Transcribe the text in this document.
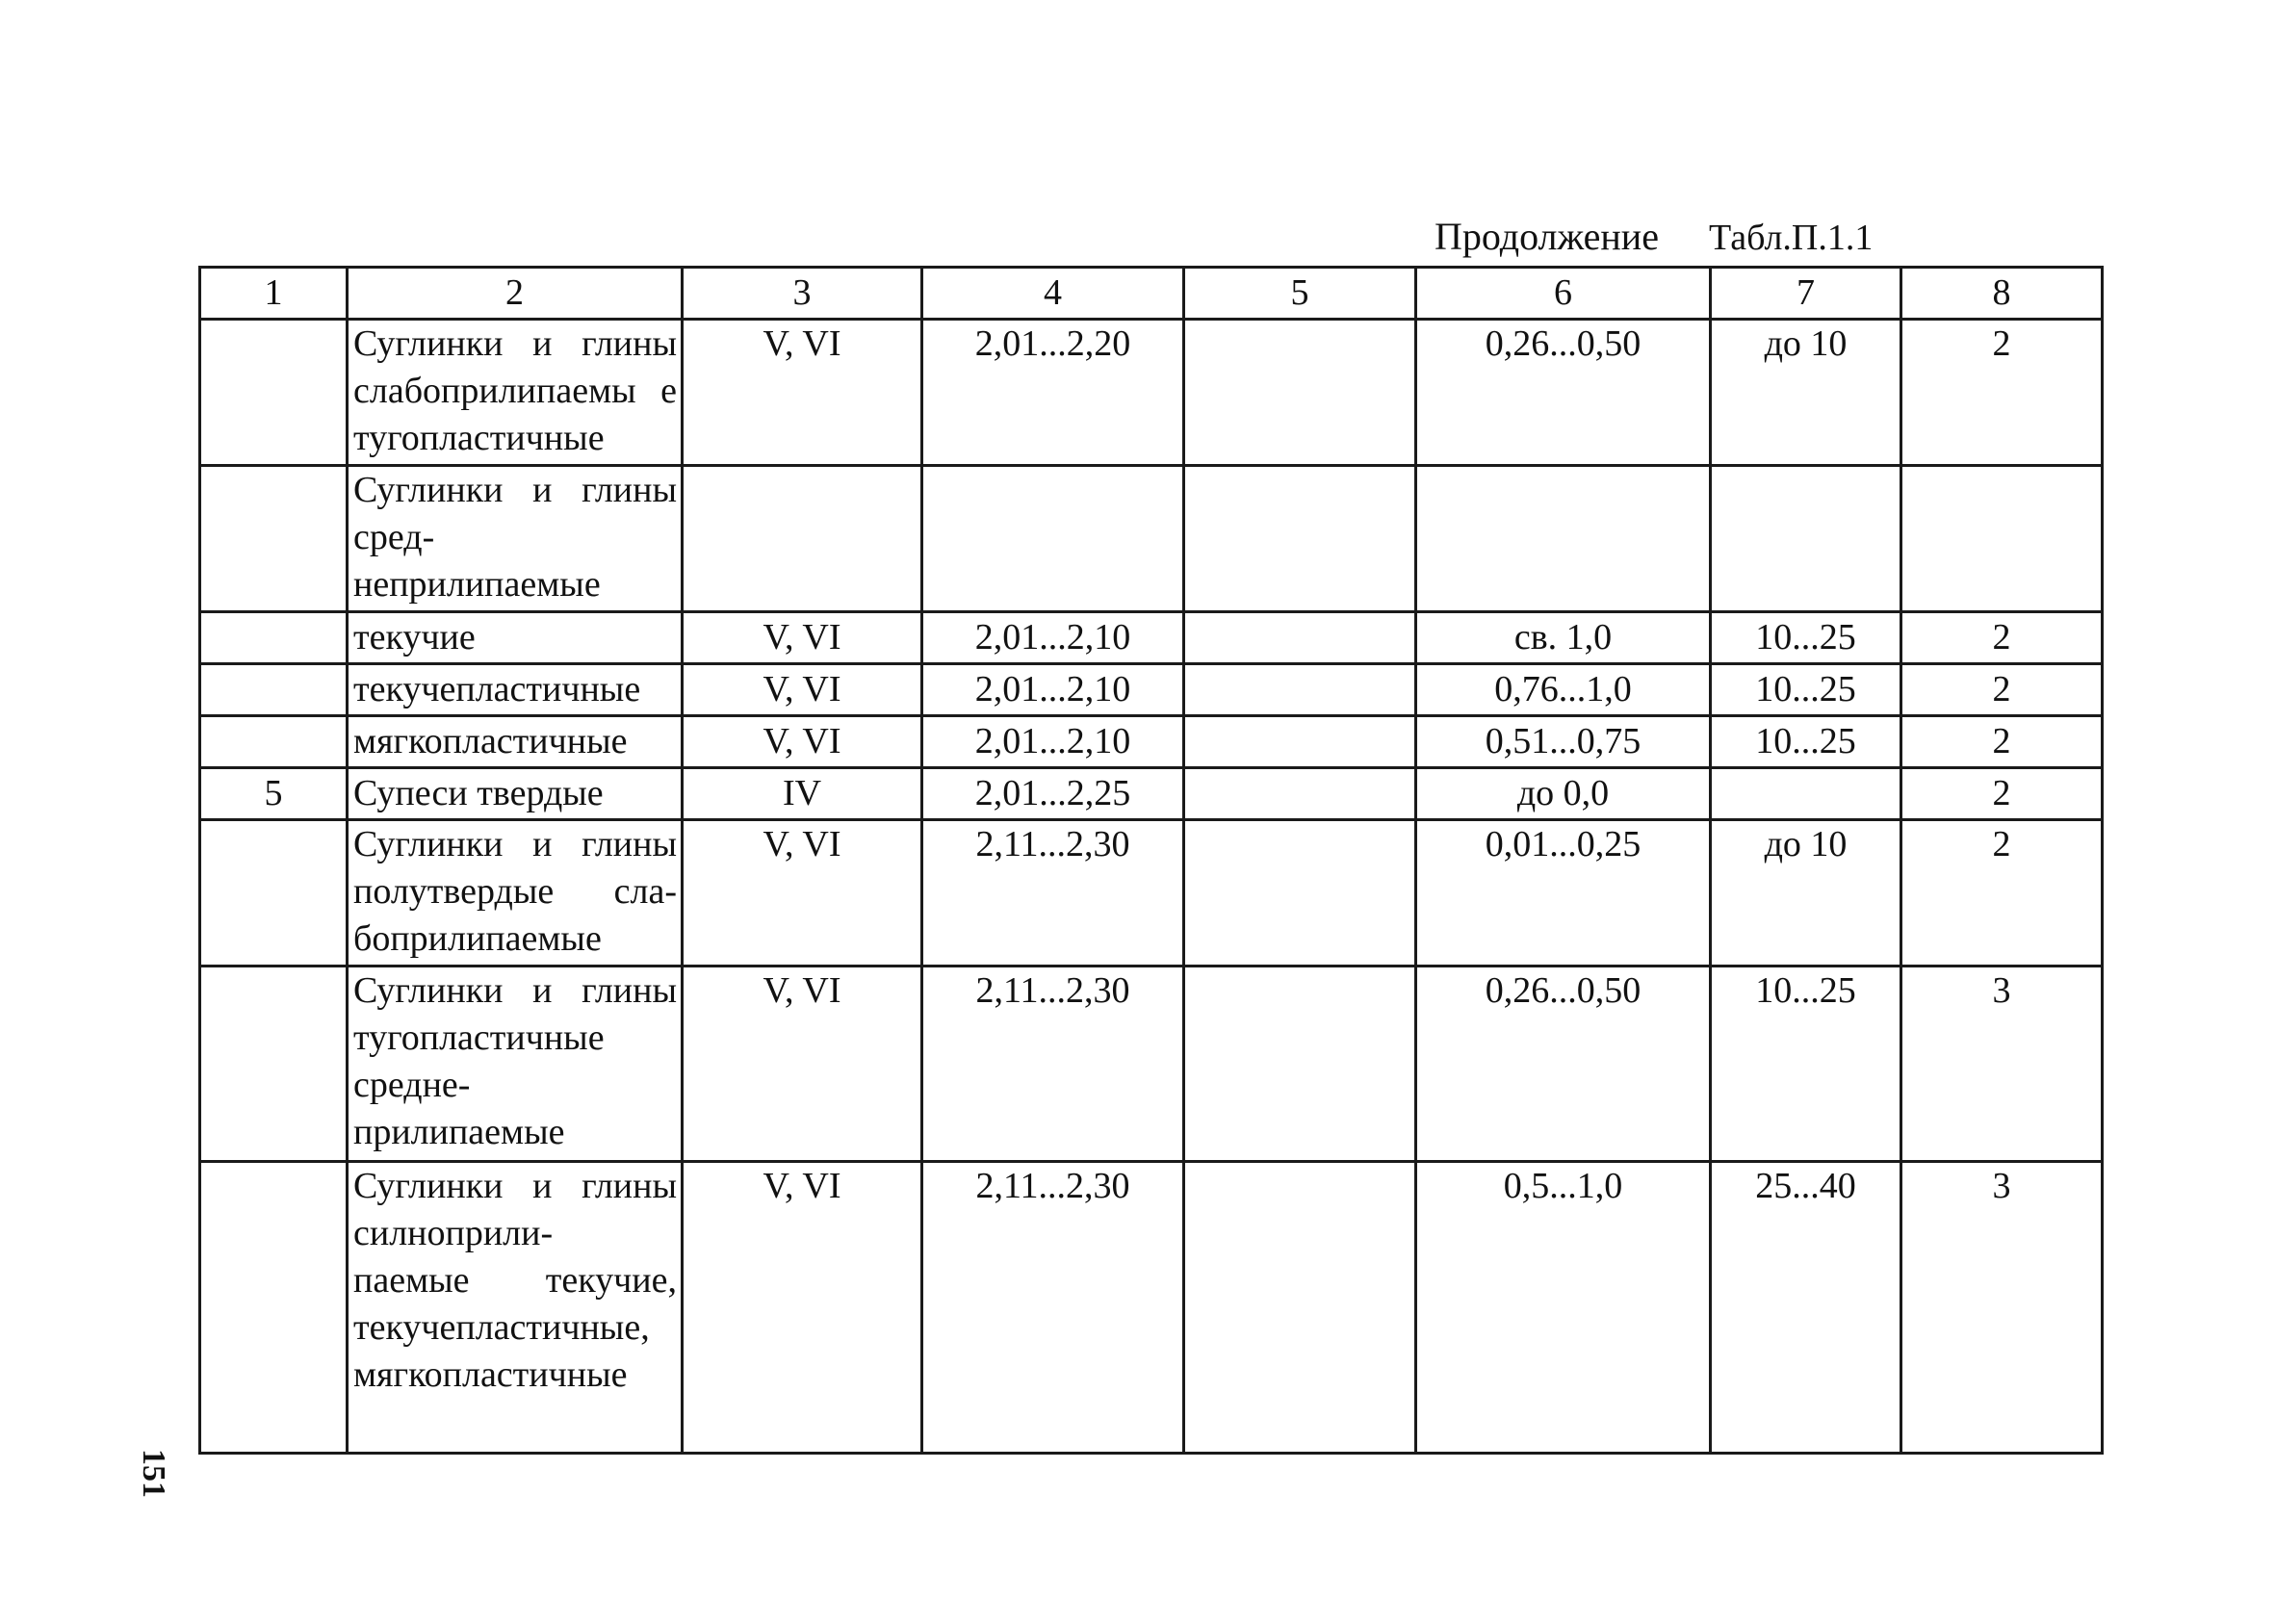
Продолжение Табл.П.1.1
1	2	3	4	5	6	7	8
	Суглинки и глины слабоприлипаемы е тугопластичные	V, VI	2,01...2,20		0,26...0,50	до 10	2
	Суглинки и глины сред- неприлипаемые						
	текучие	V, VI	2,01...2,10		св. 1,0	10...25	2
	текучепластичные	V, VI	2,01...2,10		0,76...1,0	10...25	2
	мягкопластичные	V, VI	2,01...2,10		0,51...0,75	10...25	2
5	Супеси твердые	IV	2,01...2,25		до 0,0		2
	Суглинки и глины полутвердые сла- боприлипаемые	V, VI	2,11...2,30		0,01...0,25	до 10	2
	Суглинки и глины тугопластичные средне- прилипаемые	V, VI	2,11...2,30		0,26...0,50	10...25	3
	Суглинки и глины силноприли- паемые текучие, текучепластичные, мягкопластичные	V, VI	2,11...2,30		0,5...1,0	25...40	3
151
